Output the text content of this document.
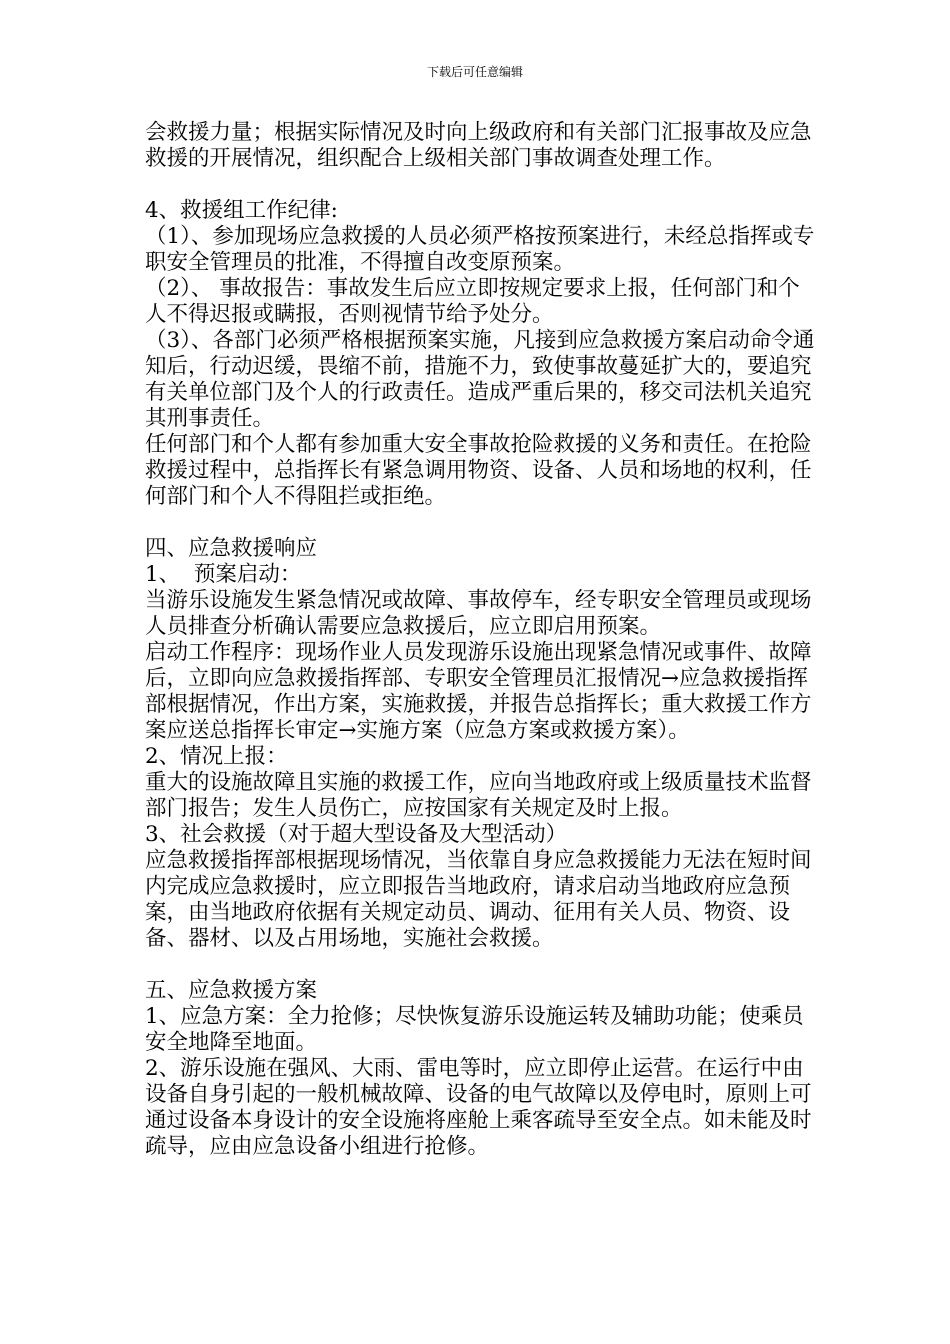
下载后可任意编辑

会救援力量；根据实际情况及时向上级政府和有关部门汇报事故及应急救援的开展情况，组织配合上级相关部门事故调查处理工作。

4、救援组工作纪律:

（1）、参加现场应急救援的人员必须严格按预案进行，未经总指挥或专职安全管理员的批准，不得擅自改变原预案。

（2）、 事故报告：事故发生后应立即按规定要求上报，任何部门和个人不得迟报或瞒报，否则视情节给予处分。

（3）、各部门必须严格根据预案实施，凡接到应急救援方案启动命令通知后，行动迟缓，畏缩不前，措施不力，致使事故蔓延扩大的，要追究有关单位部门及个人的行政责任。造成严重后果的，移交司法机关追究其刑事责任。

任何部门和个人都有参加重大安全事故抢险救援的义务和责任。在抢险救援过程中，总指挥长有紧急调用物资、设备、人员和场地的权利，任何部门和个人不得阻拦或拒绝。

四、应急救援响应

1、  预案启动：

当游乐设施发生紧急情况或故障、事故停车，经专职安全管理员或现场人员排查分析确认需要应急救援后，应立即启用预案。

启动工作程序：现场作业人员发现游乐设施出现紧急情况或事件、故障后，立即向应急救援指挥部、专职安全管理员汇报情况→应急救援指挥部根据情况，作出方案，实施救援，并报告总指挥长；重大救援工作方案应送总指挥长审定→实施方案（应急方案或救援方案）。

2、情况上报：

重大的设施故障且实施的救援工作，应向当地政府或上级质量技术监督部门报告；发生人员伤亡，应按国家有关规定及时上报。

3、社会救援（对于超大型设备及大型活动）

应急救援指挥部根据现场情况，当依靠自身应急救援能力无法在短时间内完成应急救援时，应立即报告当地政府，请求启动当地政府应急预案，由当地政府依据有关规定动员、调动、征用有关人员、物资、设备、器材、以及占用场地，实施社会救援。

五、应急救援方案

1、应急方案：全力抢修；尽快恢复游乐设施运转及辅助功能；使乘员安全地降至地面。

2、游乐设施在强风、大雨、雷电等时，应立即停止运营。在运行中由设备自身引起的一般机械故障、设备的电气故障以及停电时，原则上可通过设备本身设计的安全设施将座舱上乘客疏导至安全点。如未能及时疏导，应由应急设备小组进行抢修。
